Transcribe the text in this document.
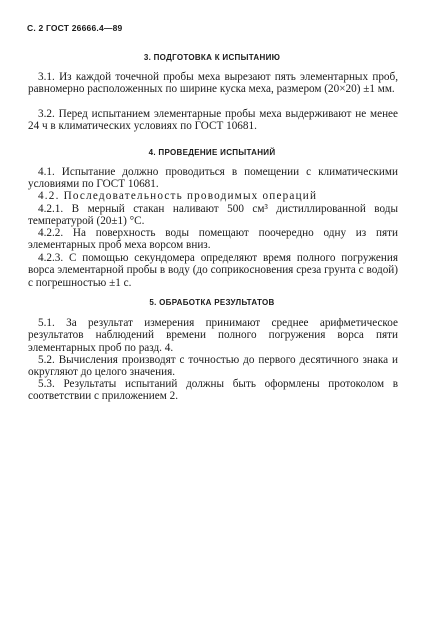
С. 2 ГОСТ 26666.4—89
3. ПОДГОТОВКА К ИСПЫТАНИЮ

3.1. Из каждой точечной пробы меха вырезают пять элементарных проб, равномерно расположенных по ширине куска меха, размером (20×20) ±1 мм.

3.2. Перед испытанием элементарные пробы меха выдерживают не менее 24 ч в климатических условиях по ГОСТ 10681.

4. ПРОВЕДЕНИЕ ИСПЫТАНИЙ

4.1. Испытание должно проводиться в помещении с климатическими условиями по ГОСТ 10681.

4.2. Последовательность проводимых операций

4.2.1. В мерный стакан наливают 500 см³ дистиллированной воды температурой (20±1) °С.

4.2.2. На поверхность воды помещают поочередно одну из пяти элементарных проб меха ворсом вниз.

4.2.3. С помощью секундомера определяют время полного погружения ворса элементарной пробы в воду (до соприкосновения среза грунта с водой) с погрешностью ±1 с.

5. ОБРАБОТКА РЕЗУЛЬТАТОВ

5.1. За результат измерения принимают среднее арифметическое результатов наблюдений времени полного погружения ворса пяти элементарных проб по разд. 4.

5.2. Вычисления производят с точностью до первого десятичного знака и округляют до целого значения.

5.3. Результаты испытаний должны быть оформлены протоколом в соответствии с приложением 2.
